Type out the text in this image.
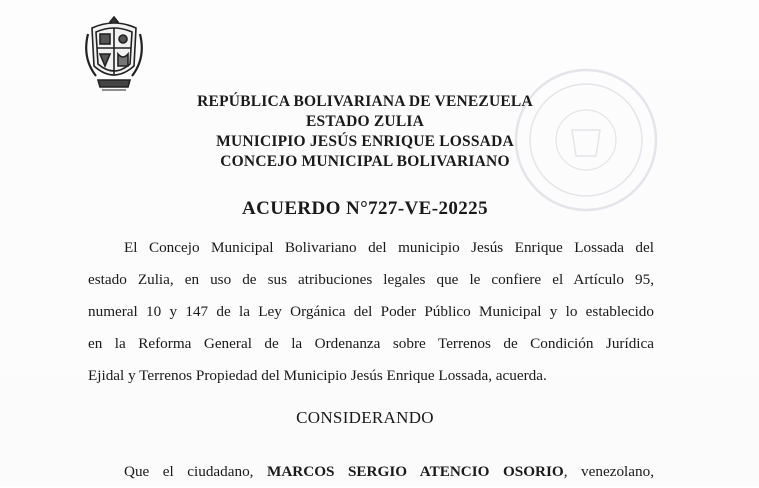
REPÚBLICA BOLIVARIANA DE VENEZUELA
ESTADO ZULIA
MUNICIPIO JESÚS ENRIQUE LOSSADA
CONCEJO MUNICIPAL BOLIVARIANO
ACUERDO N°727-VE-20225
El Concejo Municipal Bolivariano del municipio Jesús Enrique Lossada del
estado Zulia, en uso de sus atribuciones legales que le confiere el Artículo 95,
numeral 10 y 147 de la Ley Orgánica del Poder Público Municipal y lo establecido
en la Reforma General de la Ordenanza sobre Terrenos de Condición Jurídica
Ejidal y Terrenos Propiedad del Municipio Jesús Enrique Lossada, acuerda.
CONSIDERANDO
Que el ciudadano, MARCOS SERGIO ATENCIO OSORIO, venezolano,
